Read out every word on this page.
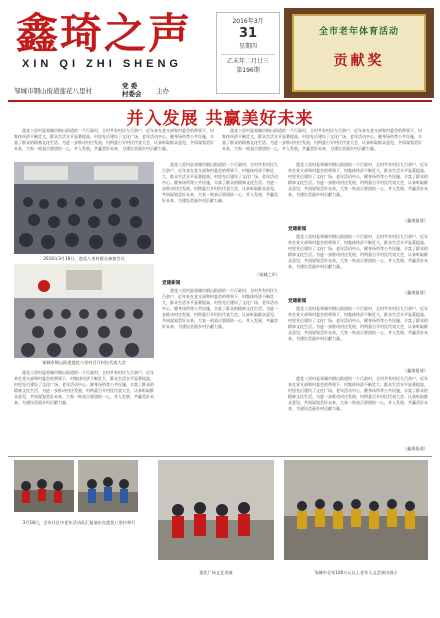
鑫琦之声
XIN QI ZHI SHENG
邹城市钢山街道莲花八里村
党 委
村委会 主办
2016年3月
31
星期四
乙未年二月廿三
第196期
全市老年体育活动
贡献奖
并入发展 共赢美好未来
莲花八里村是邹城市钢山街道的一个行政村，全村共有村民九百余户，近年来在党支部和村委会的带领下，村集体经济不断壮大，群众生活水平显著提高，村里先后建设了文化广场、老年活动中心、健身场所等公共设施，丰富了群众的精神文化生活。为进一步推动村庄发展，村两委召开村民代表大会，认真听取群众意见，共同谋划美好未来，大家一致表示要团结一心，并入发展，共赢美好未来，为建设美丽乡村贡献力量。
莲花八里村是邹城市钢山街道的一个行政村，全村共有村民九百余户，近年来在党支部和村委会的带领下，村集体经济不断壮大，群众生活水平显著提高，村里先后建设了文化广场、老年活动中心、健身场所等公共设施，丰富了群众的精神文化生活。为进一步推动村庄发展，村两委召开村民代表大会，认真听取群众意见，共同谋划美好未来，大家一致表示要团结一心，并入发展，共赢美好未来，为建设美丽乡村贡献力量。
2016年3月18日，莲花八里村群众参加会议
邹城市钢山街道莲花八里村召开村民代表大会
莲花八里村是邹城市钢山街道的一个行政村，全村共有村民九百余户，近年来在党支部和村委会的带领下，村集体经济不断壮大，群众生活水平显著提高，村里先后建设了文化广场、老年活动中心、健身场所等公共设施，丰富了群众的精神文化生活。为进一步推动村庄发展，村两委召开村民代表大会，认真听取群众意见，共同谋划美好未来，大家一致表示要团结一心，并入发展，共赢美好未来，为建设美丽乡村贡献力量。
莲花八里村是邹城市钢山街道的一个行政村，全村共有村民九百余户，近年来在党支部和村委会的带领下，村集体经济不断壮大，群众生活水平显著提高，村里先后建设了文化广场、老年活动中心、健身场所等公共设施，丰富了群众的精神文化生活。为进一步推动村庄发展，村两委召开村民代表大会，认真听取群众意见，共同谋划美好未来，大家一致表示要团结一心，并入发展，共赢美好未来，为建设美丽乡村贡献力量。
（邹城之声）
党建新闻
莲花八里村是邹城市钢山街道的一个行政村，全村共有村民九百余户，近年来在党支部和村委会的带领下，村集体经济不断壮大，群众生活水平显著提高，村里先后建设了文化广场、老年活动中心、健身场所等公共设施，丰富了群众的精神文化生活。为进一步推动村庄发展，村两委召开村民代表大会，认真听取群众意见，共同谋划美好未来，大家一致表示要团结一心，并入发展，共赢美好未来，为建设美丽乡村贡献力量。
莲花八里村是邹城市钢山街道的一个行政村，全村共有村民九百余户，近年来在党支部和村委会的带领下，村集体经济不断壮大，群众生活水平显著提高，村里先后建设了文化广场、老年活动中心、健身场所等公共设施，丰富了群众的精神文化生活。为进一步推动村庄发展，村两委召开村民代表大会，认真听取群众意见，共同谋划美好未来，大家一致表示要团结一心，并入发展，共赢美好未来，为建设美丽乡村贡献力量。
（鑫琦报道）
党建新闻
莲花八里村是邹城市钢山街道的一个行政村，全村共有村民九百余户，近年来在党支部和村委会的带领下，村集体经济不断壮大，群众生活水平显著提高，村里先后建设了文化广场、老年活动中心、健身场所等公共设施，丰富了群众的精神文化生活。为进一步推动村庄发展，村两委召开村民代表大会，认真听取群众意见，共同谋划美好未来，大家一致表示要团结一心，并入发展，共赢美好未来，为建设美丽乡村贡献力量。
（鑫琦报道）
党建新闻
莲花八里村是邹城市钢山街道的一个行政村，全村共有村民九百余户，近年来在党支部和村委会的带领下，村集体经济不断壮大，群众生活水平显著提高，村里先后建设了文化广场、老年活动中心、健身场所等公共设施，丰富了群众的精神文化生活。为进一步推动村庄发展，村两委召开村民代表大会，认真听取群众意见，共同谋划美好未来，大家一致表示要团结一心，并入发展，共赢美好未来，为建设美丽乡村贡献力量。
（鑫琦报道）
莲花八里村是邹城市钢山街道的一个行政村，全村共有村民九百余户，近年来在党支部和村委会的带领下，村集体经济不断壮大，群众生活水平显著提高，村里先后建设了文化广场、老年活动中心、健身场所等公共设施，丰富了群众的精神文化生活。为进一步推动村庄发展，村两委召开村民代表大会，认真听取群众意见，共同谋划美好未来，大家一致表示要团结一心，并入发展，共赢美好未来，为建设美丽乡村贡献力量。
（鑫琦报道）
3月18日，全市社区中老年活动队汇报演出在莲花八里村举行
莲花广场文艺表演	邹城市全年100万元以上老年人文艺演出展示
